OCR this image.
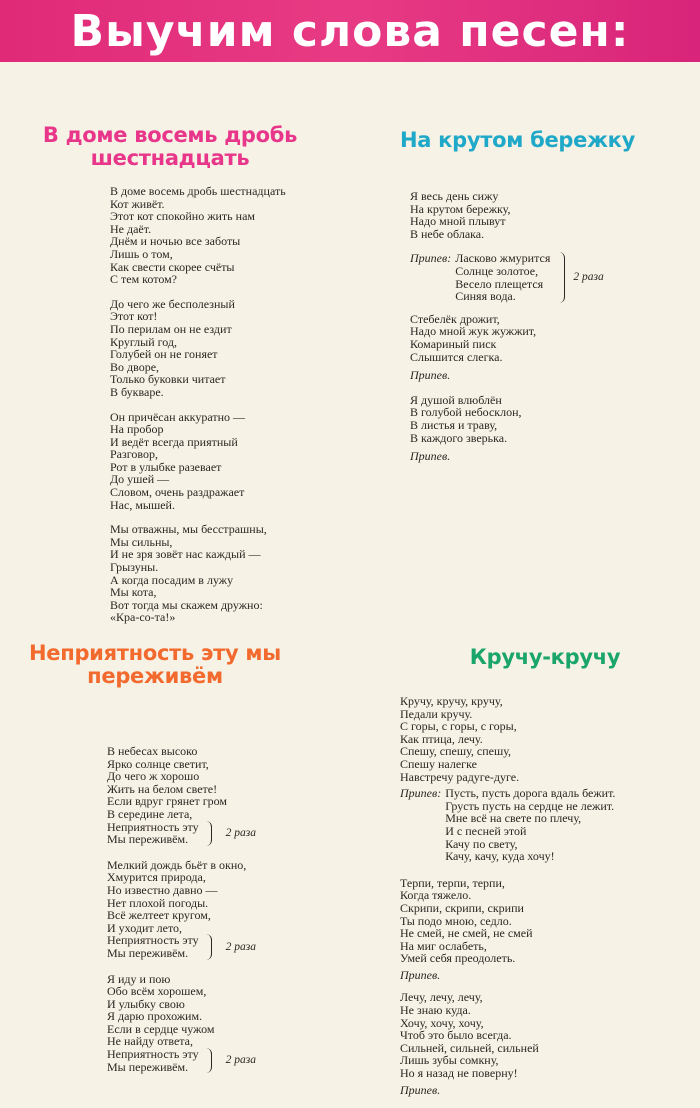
Выучим слова песен:
В доме восемь дробь
шестнадцать
В доме восемь дробь шестнадцать
Кот живёт.
Этот кот спокойно жить нам
Не даёт.
Днём и ночью все заботы
Лишь о том,
Как свести скорее счёты
С тем котом?
До чего же бесполезный
Этот кот!
По перилам он не ездит
Круглый год,
Голубей он не гоняет
Во дворе,
Только буковки читает
В букваре.
Он причёсан аккуратно —
На пробор
И ведёт всегда приятный
Разговор,
Рот в улыбке разевает
До ушей —
Словом, очень раздражает
Нас, мышей.
Мы отважны, мы бесстрашны,
Мы сильны,
И не зря зовёт нас каждый —
Грызуны.
А когда посадим в лужу
Мы кота,
Вот тогда мы скажем дружно:
«Кра-со-та!»
На крутом бережку
Я весь день сижу
На крутом бережку,
Надо мной плывут
В небе облака.
Припев: Ласково жмурится
Солнце золотое,
Весело плещется
Синяя вода.
2 раза
Стебелёк дрожит,
Надо мной жук жужжит,
Комариный писк
Слышится слегка.
Припев.
Я душой влюблён
В голубой небосклон,
В листья и траву,
В каждого зверька.
Припев.
Неприятность эту мы
переживём
В небесах высоко
Ярко солнце светит,
До чего ж хорошо
Жить на белом свете!
Если вдруг грянет гром
В середине лета,
Неприятность эту
Мы переживём.	2 раза
Мелкий дождь бьёт в окно,
Хмурится природа,
Но известно давно —
Нет плохой погоды.
Всё желтеет кругом,
И уходит лето,
Неприятность эту
Мы переживём.	2 раза
Я иду и пою
Обо всём хорошем,
И улыбку свою
Я дарю прохожим.
Если в сердце чужом
Не найду ответа,
Неприятность эту
Мы переживём.	2 раза
Кручу-кручу
Кручу, кручу, кручу,
Педали кручу.
С горы, с горы, с горы,
Как птица, лечу.
Спешу, спешу, спешу,
Спешу налегке
Навстречу радуге-дуге.
Припев: Пусть, пусть дорога вдаль бежит.
Грусть пусть на сердце не лежит.
Мне всё на свете по плечу,
И с песней этой
Качу по свету,
Качу, качу, куда хочу!
Терпи, терпи, терпи,
Когда тяжело.
Скрипи, скрипи, скрипи
Ты подо мною, седло.
Не смей, не смей, не смей
На миг ослабеть,
Умей себя преодолеть.
Припев.
Лечу, лечу, лечу,
Не знаю куда.
Хочу, хочу, хочу,
Чтоб это было всегда.
Сильней, сильней, сильней
Лишь зубы сомкну,
Но я назад не поверну!
Припев.
